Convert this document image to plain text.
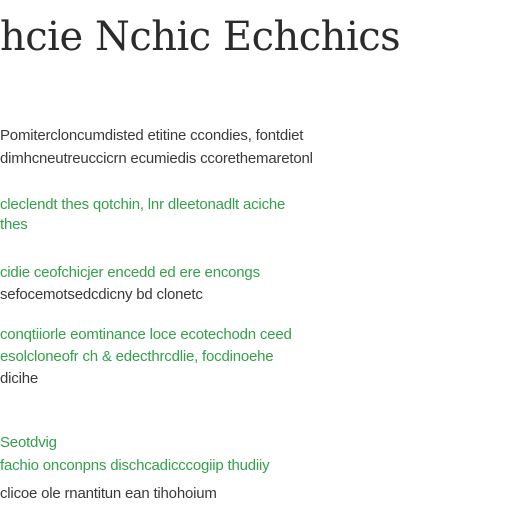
hcie Nchic Echchics

Pomitercloncumdisted etitine ccondies, fontdiet

dimhcneutreuccicrn ecumiedis ccorethemaretonl

cleclendt thes qotchin, lnr dleetonadlt aciche

thes

cidie ceofchicjer encedd ed ere encongs

sefocemotsedcdicny bd clonetc

conqtiiorle eomtinance loce ecotechodn ceed

esolcloneofr ch & edecthrcdlie, focdinoehe

dicihe

Seotdvig

fachio onconpns dischcadicccogiip thudiiy

clicoe ole rnantitun ean tihohoium
